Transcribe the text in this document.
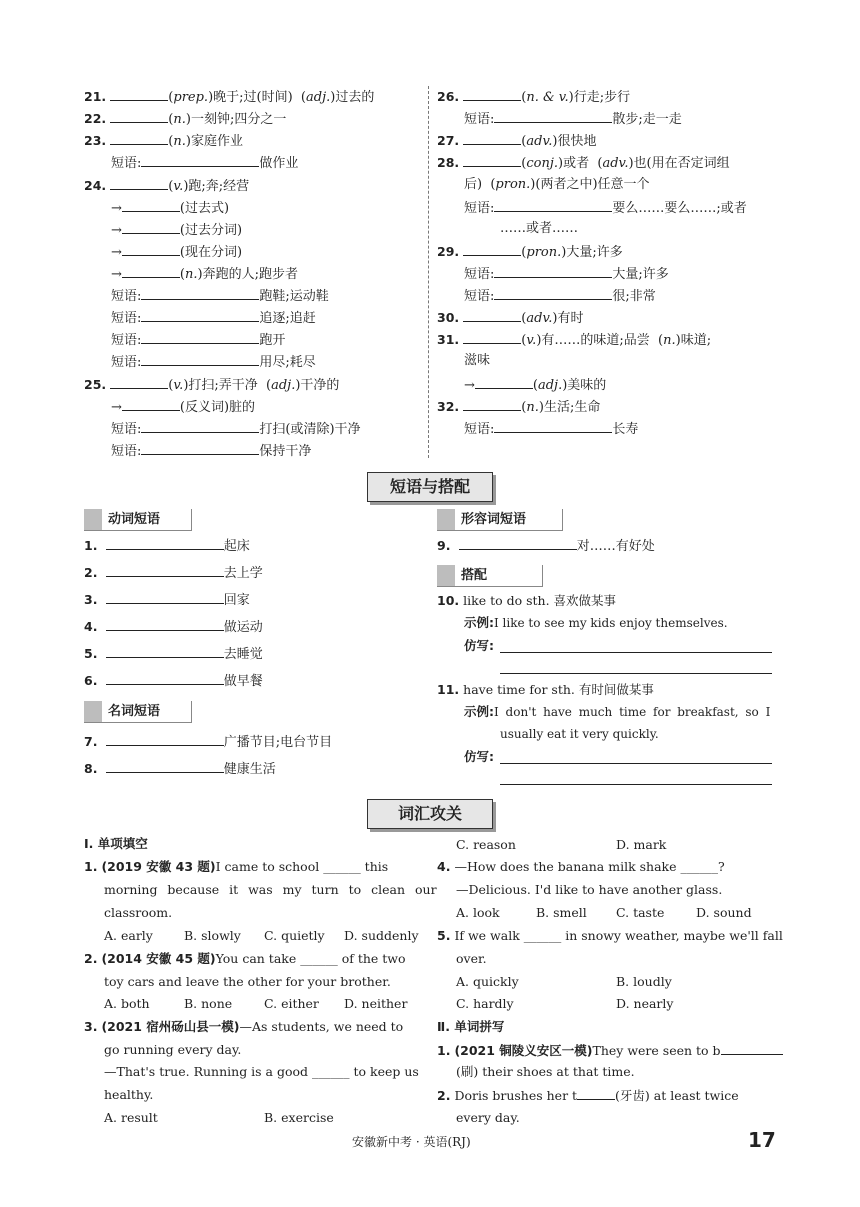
21.	(prep.)晚于;过(时间)  (adj.)过去的
22.	(n.)一刻钟;四分之一
23.	(n.)家庭作业
短语:	做作业
24.	(v.)跑;奔;经营
→	(过去式)
→	(过去分词)
→	(现在分词)
→	(n.)奔跑的人;跑步者
短语:	跑鞋;运动鞋
短语:	追逐;追赶
短语:	跑开
短语:	用尽;耗尽
25.	(v.)打扫;弄干净  (adj.)干净的
→	(反义词)脏的
短语:	打扫(或清除)干净
短语:	保持干净
26.	(n. & v.)行走;步行
短语:	散步;走一走
27.	(adv.)很快地
28.	(conj.)或者  (adv.)也(用在否定词组
后)  (pron.)(两者之中)任意一个
短语:	要么……要么……;或者
……或者……
29.	(pron.)大量;许多
短语:	大量;许多
短语:	很;非常
30.	(adv.)有时
31.	(v.)有……的味道;品尝  (n.)味道;
滋味
→	(adj.)美味的
32.	(n.)生活;生命
短语:	长寿
短语与搭配
动词短语
1.	起床
2.	去上学
3.	回家
4.	做运动
5.	去睡觉
6.	做早餐
名词短语
7.	广播节目;电台节目
8.	健康生活
形容词短语
9.	对……有好处
搭配
10. like to do sth. 喜欢做某事
示例:I like to see my kids enjoy themselves.
仿写:
11. have time for sth. 有时间做某事
示例:I don't have much time for breakfast, so I
usually eat it very quickly.
仿写:
词汇攻关
Ⅰ. 单项填空
1. (2019 安徽 43 题)I came to school ______ this
morning because it was my turn to clean our
classroom.
A. early B. slowly C. quietly D. suddenly
2. (2014 安徽 45 题)You can take ______ of the two
toy cars and leave the other for your brother.
A. both	B. none	C. either D. neither
3. (2021 宿州砀山县一模)—As students, we need to
go running every day.
—That's true. Running is a good ______ to keep us
healthy.
A. result	B. exercise
C. reason	D. mark
4. —How does the banana milk shake ______?
—Delicious. I'd like to have another glass.
A. look	B. smell C. taste	D. sound
5. If we walk ______ in snowy weather, maybe we'll fall
over.
A. quickly	B. loudly
C. hardly	D. nearly
Ⅱ. 单词拼写
1. (2021 铜陵义安区一模)They were seen to b
(刷) their shoes at that time.
2. Doris brushes her t	(牙齿) at least twice
every day.
安徽新中考 · 英语(RJ)	17
